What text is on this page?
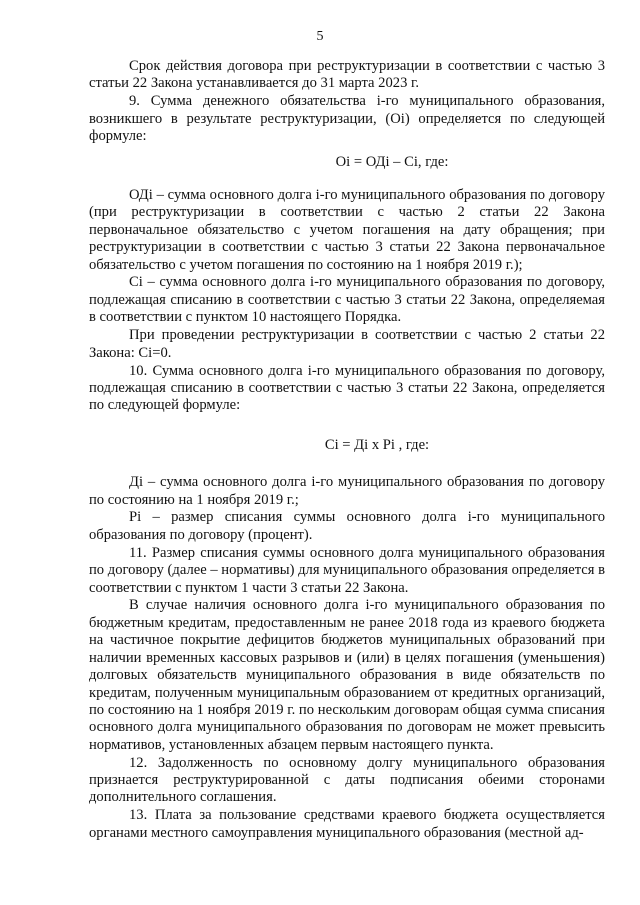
5

Срок действия договора при реструктуризации в соответствии с частью 3 статьи 22 Закона устанавливается до 31 марта 2023 г.

9. Сумма денежного обязательства i-го муниципального образования, возникшего в результате реструктуризации, (Oi) определяется по следующей формуле:

Oi = ОДi – Сi, где:

ОДi – сумма основного долга i-го муниципального образования по договору (при реструктуризации в соответствии с частью 2 статьи 22 Закона первоначальное обязательство с учетом погашения на дату обращения; при реструктуризации в соответствии с частью 3 статьи 22 Закона первоначальное обязательство с учетом погашения по состоянию на 1 ноября 2019 г.);

Сi – сумма основного долга i-го муниципального образования по договору, подлежащая списанию в соответствии с частью 3 статьи 22 Закона, определяемая в соответствии с пунктом 10 настоящего Порядка.

При проведении реструктуризации в соответствии с частью 2 статьи 22 Закона: Сi=0.

10. Сумма основного долга i-го муниципального образования по договору, подлежащая списанию в соответствии с частью 3 статьи 22 Закона, определяется по следующей формуле:

Сi = Дi x Рi , где:

Дi – сумма основного долга i-го муниципального образования по договору по состоянию на 1 ноября 2019 г.;

Рi – размер списания суммы основного долга i-го муниципального образования по договору (процент).

11. Размер списания суммы основного долга муниципального образования по договору (далее – нормативы) для муниципального образования определяется в соответствии с пунктом 1 части 3 статьи 22 Закона.

В случае наличия основного долга i-го муниципального образования по бюджетным кредитам, предоставленным не ранее 2018 года из краевого бюджета на частичное покрытие дефицитов бюджетов муниципальных образований при наличии временных кассовых разрывов и (или) в целях погашения (уменьшения) долговых обязательств муниципального образования в виде обязательств по кредитам, полученным муниципальным образованием от кредитных организаций, по состоянию на 1 ноября 2019 г. по нескольким договорам общая сумма списания основного долга муниципального образования по договорам не может превысить нормативов, установленных абзацем первым настоящего пункта.

12. Задолженность по основному долгу муниципального образования признается реструктурированной с даты подписания обеими сторонами дополнительного соглашения.

13. Плата за пользование средствами краевого бюджета осуществляется органами местного самоуправления муниципального образования (местной ад-
